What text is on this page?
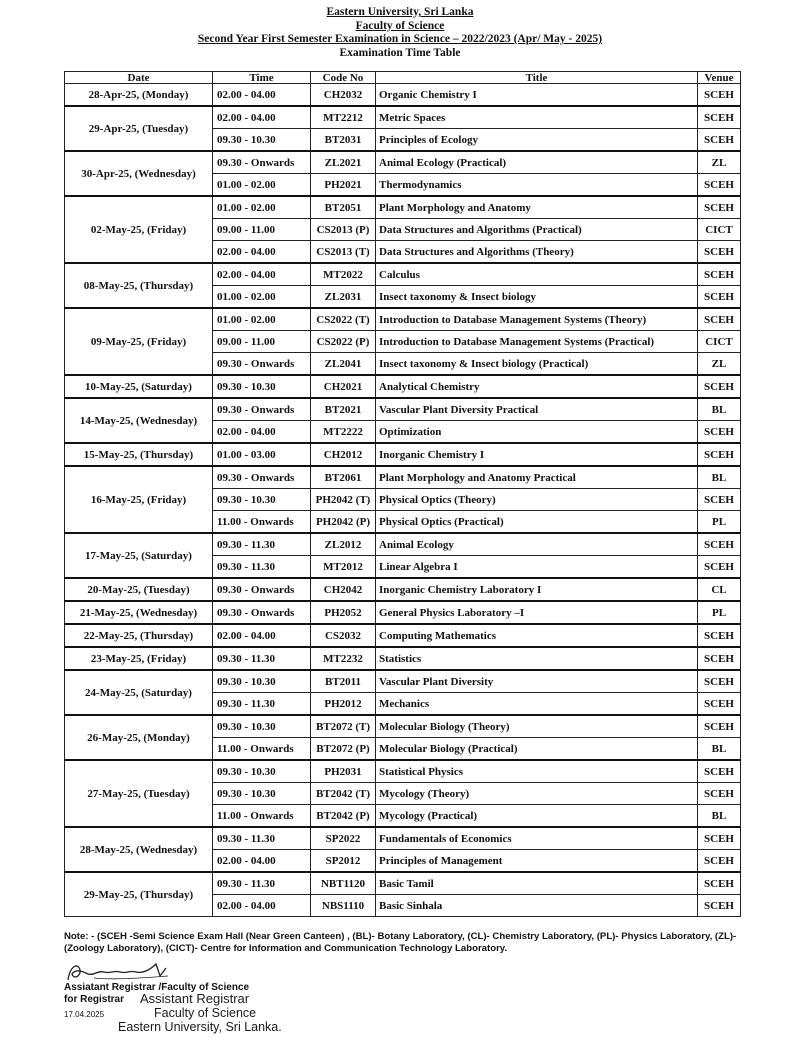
Eastern University, Sri Lanka
Faculty of Science
Second Year First Semester Examination in Science – 2022/2023 (Apr/ May - 2025)
Examination Time Table
Date	Time	Code No	Title	Venue
28-Apr-25, (Monday)	02.00 - 04.00	CH2032	Organic Chemistry I	SCEH
29-Apr-25, (Tuesday)	02.00 - 04.00	MT2212	Metric Spaces	SCEH
	09.30 - 10.30	BT2031	Principles of Ecology	SCEH
30-Apr-25, (Wednesday)	09.30 - Onwards	ZL2021	Animal Ecology (Practical)	ZL
	01.00 - 02.00	PH2021	Thermodynamics	SCEH
02-May-25, (Friday)	01.00 - 02.00	BT2051	Plant Morphology and Anatomy	SCEH
	09.00 - 11.00	CS2013 (P)	Data Structures and Algorithms (Practical)	CICT
	02.00 - 04.00	CS2013 (T)	Data Structures and Algorithms (Theory)	SCEH
08-May-25, (Thursday)	02.00 - 04.00	MT2022	Calculus	SCEH
	01.00 - 02.00	ZL2031	Insect taxonomy & Insect biology	SCEH
09-May-25, (Friday)	01.00 - 02.00	CS2022 (T)	Introduction to Database Management Systems (Theory)	SCEH
	09.00 - 11.00	CS2022 (P)	Introduction to Database Management Systems (Practical)	CICT
	09.30 - Onwards	ZL2041	Insect taxonomy & Insect biology (Practical)	ZL
10-May-25, (Saturday)	09.30 - 10.30	CH2021	Analytical Chemistry	SCEH
14-May-25, (Wednesday)	09.30 - Onwards	BT2021	Vascular Plant Diversity Practical	BL
	02.00 - 04.00	MT2222	Optimization	SCEH
15-May-25, (Thursday)	01.00 - 03.00	CH2012	Inorganic Chemistry I	SCEH
16-May-25, (Friday)	09.30 - Onwards	BT2061	Plant Morphology and Anatomy Practical	BL
	09.30 - 10.30	PH2042 (T)	Physical Optics (Theory)	SCEH
	11.00 - Onwards	PH2042 (P)	Physical Optics (Practical)	PL
17-May-25, (Saturday)	09.30 - 11.30	ZL2012	Animal Ecology	SCEH
	09.30 - 11.30	MT2012	Linear Algebra I	SCEH
20-May-25, (Tuesday)	09.30 - Onwards	CH2042	Inorganic Chemistry Laboratory I	CL
21-May-25, (Wednesday)	09.30 - Onwards	PH2052	General Physics Laboratory –I	PL
22-May-25, (Thursday)	02.00 - 04.00	CS2032	Computing Mathematics	SCEH
23-May-25, (Friday)	09.30 - 11.30	MT2232	Statistics	SCEH
24-May-25, (Saturday)	09.30 - 10.30	BT2011	Vascular Plant Diversity	SCEH
	09.30 - 11.30	PH2012	Mechanics	SCEH
26-May-25, (Monday)	09.30 - 10.30	BT2072 (T)	Molecular Biology (Theory)	SCEH
	11.00 - Onwards	BT2072 (P)	Molecular Biology (Practical)	BL
27-May-25, (Tuesday)	09.30 - 10.30	PH2031	Statistical Physics	SCEH
	09.30 - 10.30	BT2042 (T)	Mycology (Theory)	SCEH
	11.00 - Onwards	BT2042 (P)	Mycology (Practical)	BL
28-May-25, (Wednesday)	09.30 - 11.30	SP2022	Fundamentals of Economics	SCEH
	02.00 - 04.00	SP2012	Principles of Management	SCEH
29-May-25, (Thursday)	09.30 - 11.30	NBT1120	Basic Tamil	SCEH
	02.00 - 04.00	NBS1110	Basic Sinhala	SCEH
Note: - (SCEH -Semi Science Exam Hall (Near Green Canteen) , (BL)- Botany Laboratory, (CL)- Chemistry Laboratory, (PL)- Physics Laboratory, (ZL)-(Zoology Laboratory), (CICT)- Centre for Information and Communication Technology Laboratory.
Assiatant Registrar /Faculty of Science
for Registrar
17.04.2025
Assistant Registrar
Faculty of Science
Eastern University, Sri Lanka.
